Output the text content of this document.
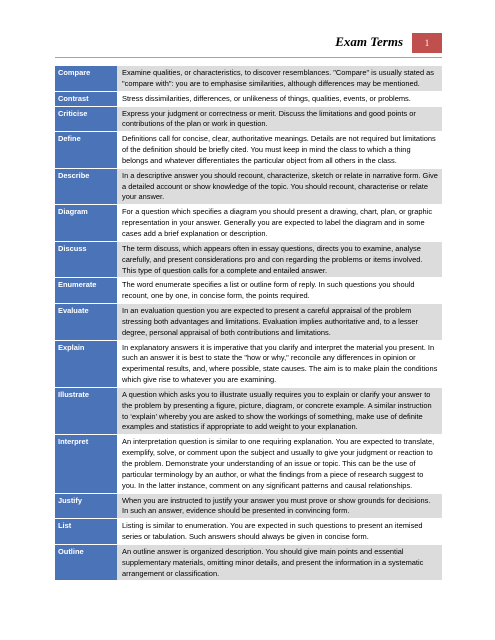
Exam Terms	1
Compare	Examine qualities, or characteristics, to discover resemblances. "Compare" is usually stated as "compare with": you are to emphasise similarities, although differences may be mentioned.
Contrast	Stress dissimilarities, differences, or unlikeness of things, qualities, events, or problems.
Criticise	Express your judgment or correctness or merit. Discuss the limitations and good points or contributions of the plan or work in question.
Define	Definitions call for concise, clear, authoritative meanings. Details are not required but limitations of the definition should be briefly cited. You must keep in mind the class to which a thing belongs and whatever differentiates the particular object from all others in the class.
Describe	In a descriptive answer you should recount, characterize, sketch or relate in narrative form. Give a detailed account or show knowledge of the topic. You should recount, characterise or relate your answer.
Diagram	For a question which specifies a diagram you should present a drawing, chart, plan, or graphic representation in your answer. Generally you are expected to label the diagram and in some cases add a brief explanation or description.
Discuss	The term discuss, which appears often in essay questions, directs you to examine, analyse carefully, and present considerations pro and con regarding the problems or items involved. This type of question calls for a complete and entailed answer.
Enumerate	The word enumerate specifies a list or outline form of reply. In such questions you should recount, one by one, in concise form, the points required.
Evaluate	In an evaluation question you are expected to present a careful appraisal of the problem stressing both advantages and limitations. Evaluation implies authoritative and, to a lesser degree, personal appraisal of both contributions and limitations.
Explain	In explanatory answers it is imperative that you clarify and interpret the material you present. In such an answer it is best to state the "how or why," reconcile any differences in opinion or experimental results, and, where possible, state causes. The aim is to make plain the conditions which give rise to whatever you are examining.
Illustrate	A question which asks you to illustrate usually requires you to explain or clarify your answer to the problem by presenting a figure, picture, diagram, or concrete example. A similar instruction to ‘explain’ whereby you are asked to show the workings of something, make use of definite examples and statistics if appropriate to add weight to your explanation.
Interpret	An interpretation question is similar to one requiring explanation. You are expected to translate, exemplify, solve, or comment upon the subject and usually to give your judgment or reaction to the problem. Demonstrate your understanding of an issue or topic. This can be the use of particular terminology by an author, or what the findings from a piece of research suggest to you. In the latter instance, comment on any significant patterns and causal relationships.
Justify	When you are instructed to justify your answer you must prove or show grounds for decisions. In such an answer, evidence should be presented in convincing form.
List	Listing is similar to enumeration. You are expected in such questions to present an itemised series or tabulation. Such answers should always be given in concise form.
Outline	An outline answer is organized description. You should give main points and essential supplementary materials, omitting minor details, and present the information in a systematic arrangement or classification.
